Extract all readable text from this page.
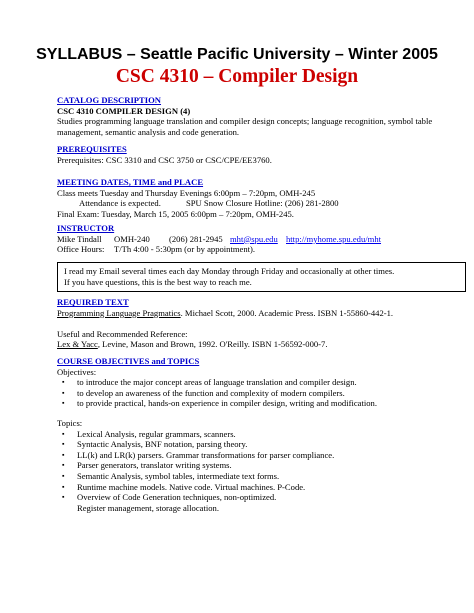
SYLLABUS – Seattle Pacific University – Winter 2005
CSC 4310 – Compiler Design
CATALOG DESCRIPTION
CSC 4310 COMPILER DESIGN (4)
Studies programming language translation and compiler design concepts; language recognition, symbol table management, semantic analysis and code generation.
PREREQUISITES
Prerequisites: CSC 3310 and CSC 3750 or CSC/CPE/EE3760.
MEETING DATES, TIME and PLACE
Class meets Tuesday and Thursday Evenings 6:00pm – 7:20pm, OMH-245
Attendance is expected.	SPU Snow Closure Hotline: (206) 281-2800
Final Exam: Tuesday, March 15, 2005 6:00pm – 7:20pm, OMH-245.
INSTRUCTOR
Mike Tindall OMH-240 (206) 281-2945 mht@spu.edu http://myhome.spu.edu/mht
Office Hours: T/Th 4:00 - 5:30pm (or by appointment).
I read my Email several times each day Monday through Friday and occasionally at other times.
If you have questions, this is the best way to reach me.
REQUIRED TEXT
Programming Language Pragmatics. Michael Scott, 2000. Academic Press. ISBN 1-55860-442-1.
Useful and Recommended Reference:
Lex & Yacc, Levine, Mason and Brown, 1992. O'Reilly. ISBN 1-56592-000-7.
COURSE OBJECTIVES and TOPICS
Objectives:
▪ to introduce the major concept areas of language translation and compiler design.
▪ to develop an awareness of the function and complexity of modern compilers.
▪ to provide practical, hands-on experience in compiler design, writing and modification.
Topics:
▪ Lexical Analysis, regular grammars, scanners.
▪ Syntactic Analysis, BNF notation, parsing theory.
▪ LL(k) and LR(k) parsers. Grammar transformations for parser compliance.
▪ Parser generators, translator writing systems.
▪ Semantic Analysis, symbol tables, intermediate text forms.
▪ Runtime machine models. Native code. Virtual machines. P-Code.
▪ Overview of Code Generation techniques, non-optimized.
Register management, storage allocation.
